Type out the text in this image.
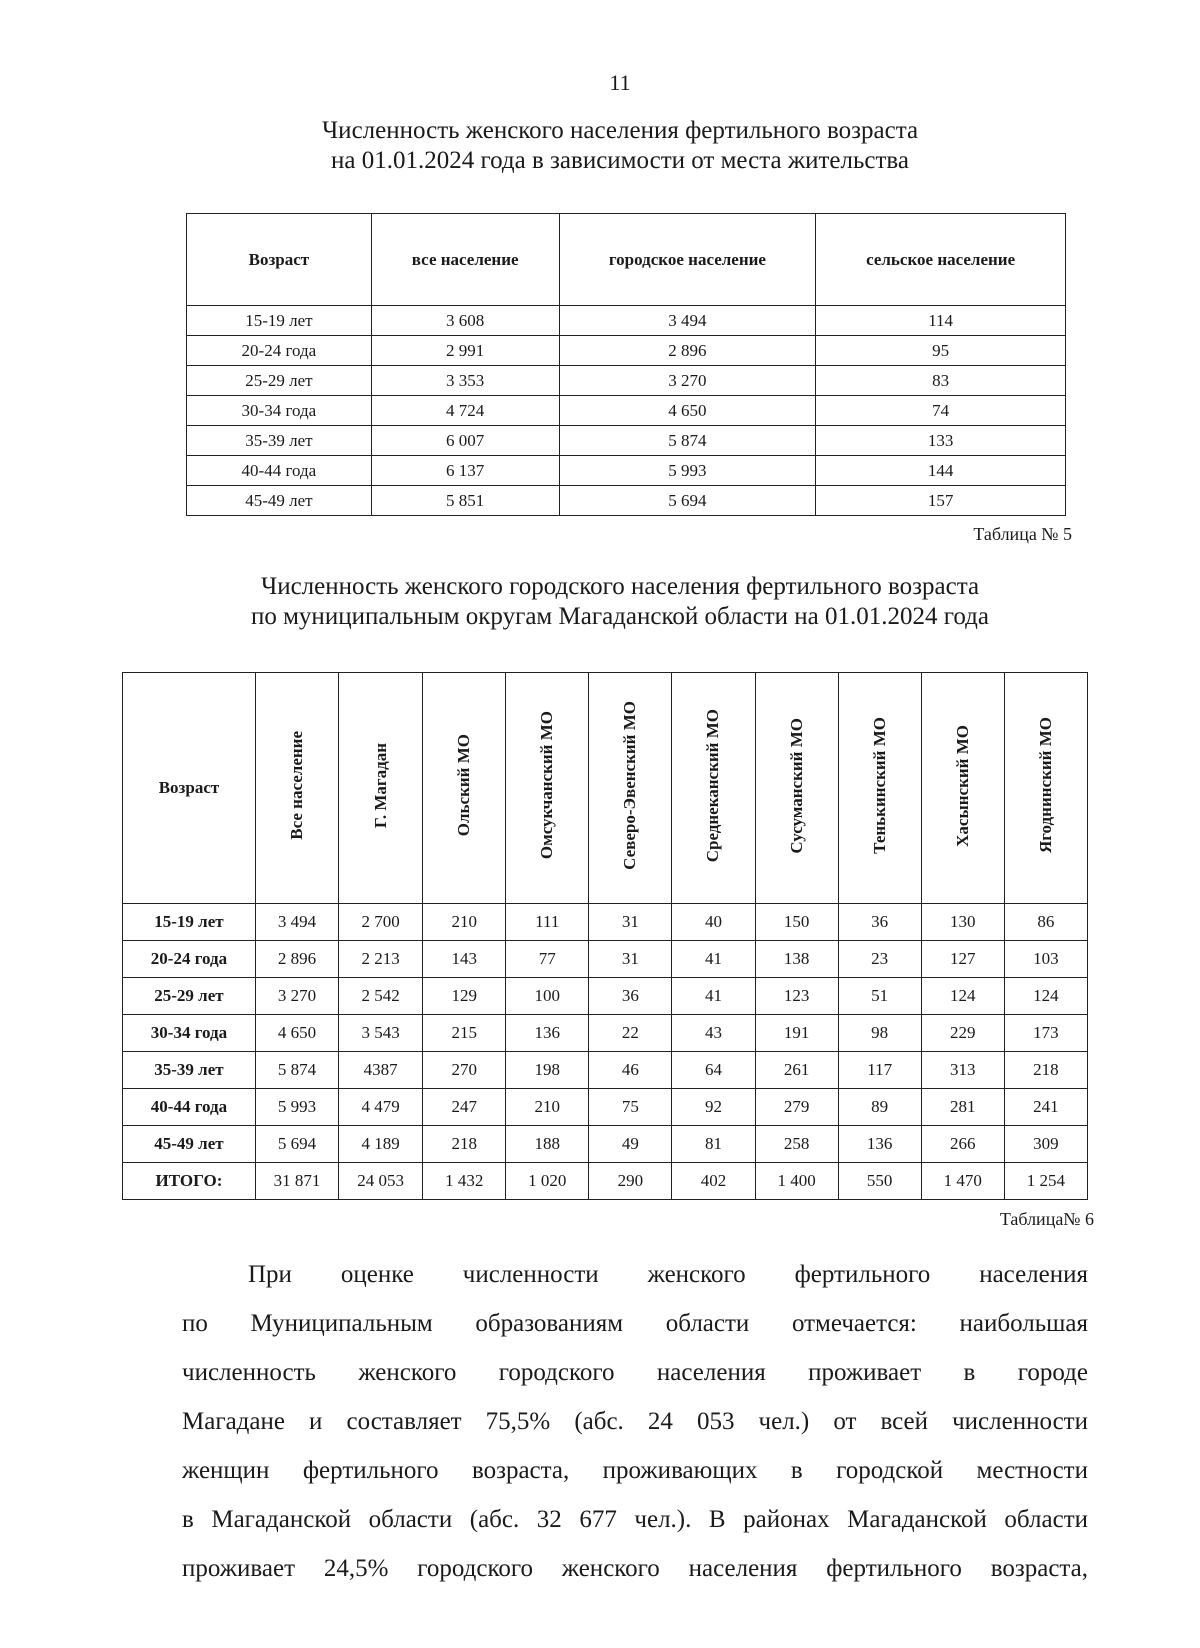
11
Численность женского населения фертильного возраста
на 01.01.2024 года в зависимости от места жительства
Возраст	все население	городское население	сельское население
15-19 лет	3 608	3 494	114
20-24 года	2 991	2 896	95
25-29 лет	3 353	3 270	83
30-34 года	4 724	4 650	74
35-39 лет	6 007	5 874	133
40-44 года	6 137	5 993	144
45-49 лет	5 851	5 694	157
Таблица № 5
Численность женского городского населения фертильного возраста
по муниципальным округам Магаданской области на 01.01.2024 года
Возраст	Все население	Г. Магадан	Ольский МО	Омсукчанский МО	Северо-Эвенский МО	Среднеканский МО	Сусуманский МО	Тенькинский МО	Хасынский МО	Ягоднинский МО
15-19 лет	3 494	2 700	210	111	31	40	150	36	130	86
20-24 года	2 896	2 213	143	77	31	41	138	23	127	103
25-29 лет	3 270	2 542	129	100	36	41	123	51	124	124
30-34 года	4 650	3 543	215	136	22	43	191	98	229	173
35-39 лет	5 874	4387	270	198	46	64	261	117	313	218
40-44 года	5 993	4 479	247	210	75	92	279	89	281	241
45-49 лет	5 694	4 189	218	188	49	81	258	136	266	309
ИТОГО:	31 871	24 053	1 432	1 020	290	402	1 400	550	1 470	1 254
Таблица№ 6
При оценке численности женского фертильного населения
по Муниципальным образованиям области отмечается: наибольшая
численность женского городского населения проживает в городе
Магадане и составляет 75,5% (абс. 24 053 чел.) от всей численности
женщин фертильного возраста, проживающих в городской местности
в Магаданской области (абс. 32 677 чел.). В районах Магаданской области
проживает 24,5% городского женского населения фертильного возраста,
